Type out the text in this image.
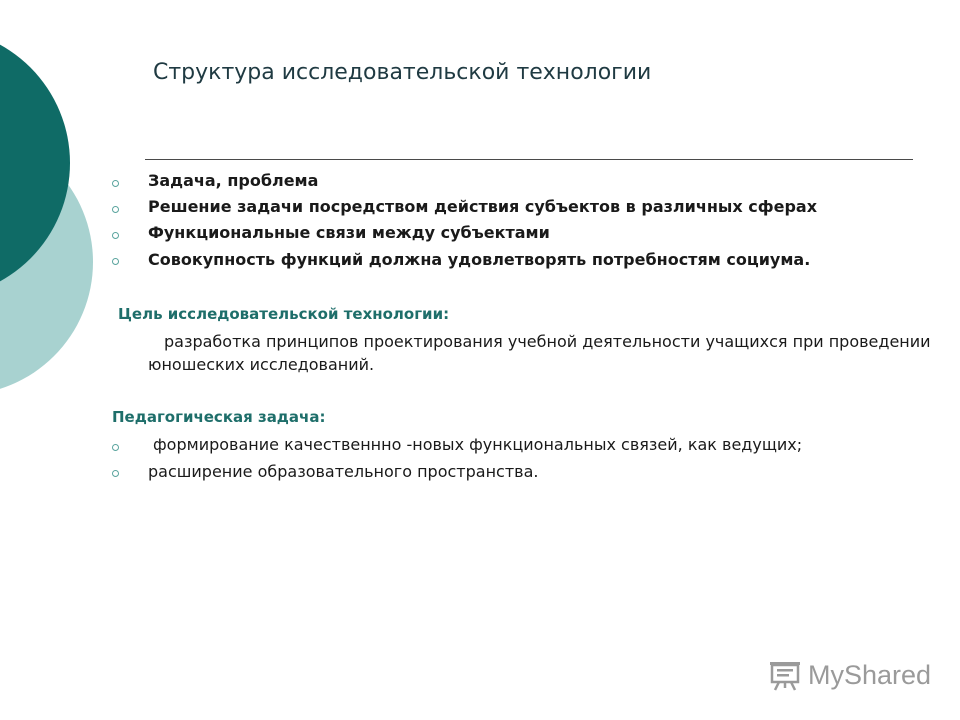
Структура исследовательской технологии
Задача, проблема
Решение задачи посредством действия субъектов в различных сферах
Функциональные связи между субъектами
Совокупность функций должна удовлетворять потребностям социума.
Цель исследовательской технологии:
разработка принципов проектирования учебной деятельности учащихся при проведении юношеских исследований.
Педагогическая задача:
формирование качественнно -новых функциональных связей, как ведущих;
расширение образовательного пространства.
MyShared
